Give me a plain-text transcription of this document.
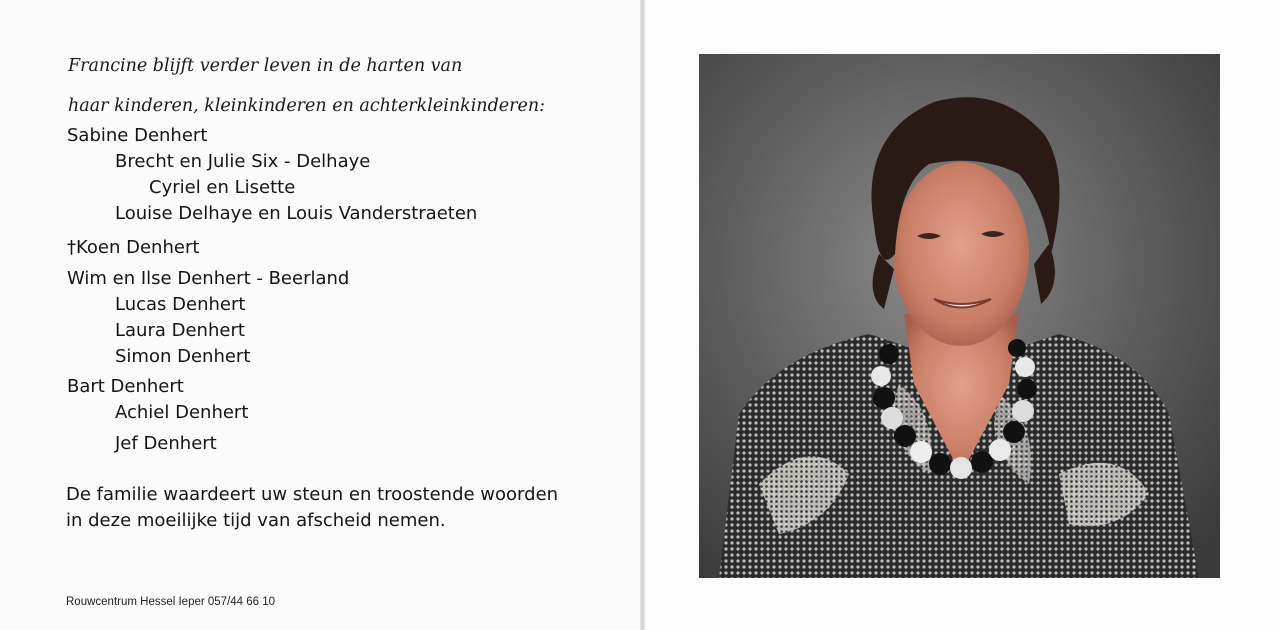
Francine blijft verder leven in de harten van
haar kinderen, kleinkinderen en achterkleinkinderen:
Sabine Denhert
Brecht en Julie Six - Delhaye
Cyriel en Lisette
Louise Delhaye en Louis Vanderstraeten
†Koen Denhert
Wim en Ilse Denhert - Beerland
Lucas Denhert
Laura Denhert
Simon Denhert
Bart Denhert
Achiel Denhert
Jef Denhert
De familie waardeert uw steun en troostende woorden
in deze moeilijke tijd van afscheid nemen.
Rouwcentrum Hessel Ieper 057/44 66 10
